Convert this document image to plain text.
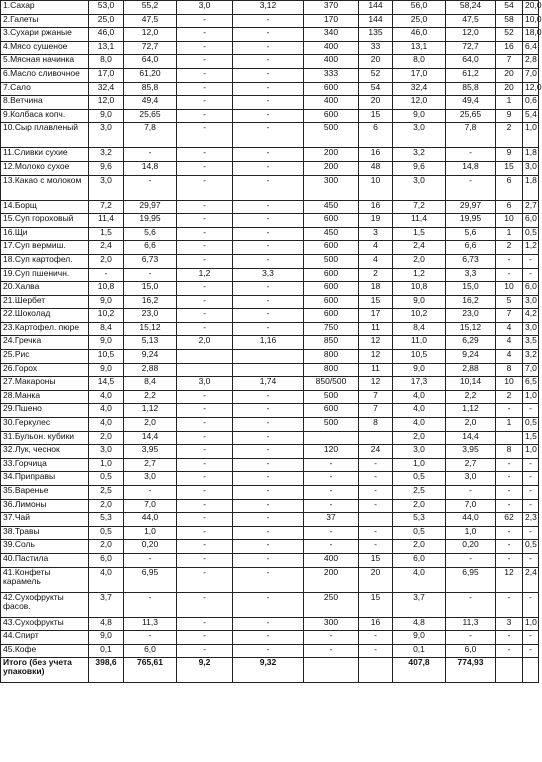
1.Сахар	53,0	55,2	3,0	3,12	370	144	56,0	58,24	54	20,0
2.Галеты	25,0	47,5	-	-	170	144	25,0	47,5	58	10,0
3.Сухари ржаные	46,0	12,0	-	-	340	135	46,0	12,0	52	18,0
4.Мясо сушеное	13,1	72,7	-	-	400	33	13,1	72,7	16	6,4
5.Мясная начинка	8,0	64,0	-	-	400	20	8,0	64,0	7	2,8
6.Масло сливочное	17,0	61,20	-	-	333	52	17,0	61,2	20	7,0
7.Сало	32,4	85,8	-	-	600	54	32,4	85,8	20	12,0
8.Ветчина	12,0	49,4	-	-	400	20	12,0	49,4	1	0,6
9.Колбаса копч.	9,0	25,65	-	-	600	15	9,0	25,65	9	5,4
10.Сыр плавленый	3,0	7,8	-	-	500	6	3,0	7,8	2	1,0
11.Сливки сухие	3,2	-	-	-	200	16	3,2	-	9	1,8
12.Молоко сухое	9,6	14,8	-	-	200	48	9,6	14,8	15	3,0
13.Какао с молоком	3,0	-	-	-	300	10	3,0	-	6	1,8
14.Борщ	7,2	29,97	-	-	450	16	7,2	29,97	6	2,7
15.Суп гороховый	11,4	19,95	-	-	600	19	11,4	19,95	10	6,0
16.Щи	1,5	5,6	-	-	450	3	1,5	5,6	1	0,5
17.Суп вермиш.	2,4	6,6	-	-	600	4	2,4	6,6	2	1,2
18.Суп картофел.	2,0	6,73	-	-	500	4	2,0	6,73	-	-
19.Суп пшеничн.	-	-	1,2	3,3	600	2	1,2	3,3	-	-
20.Халва	10,8	15,0	-	-	600	18	10,8	15,0	10	6,0
21.Шербет	9,0	16,2	-	-	600	15	9,0	16,2	5	3,0
22.Шоколад	10,2	23,0	-	-	600	17	10,2	23,0	7	4,2
23.Картофел. пюре	8,4	15,12	-	-	750	11	8,4	15,12	4	3,0
24.Гречка	9,0	5,13	2,0	1,16	850	12	11,0	6,29	4	3,5
25.Рис	10,5	9,24			800	12	10,5	9,24	4	3,2
26.Горох	9,0	2,88			800	11	9,0	2,88	8	7,0
27.Макароны	14,5	8,4	3,0	1,74	850/500	12	17,3	10,14	10	6,5
28.Манка	4,0	2,2	-	-	500	7	4,0	2,2	2	1,0
29.Пшено	4,0	1,12	-	-	600	7	4,0	1,12	-	-
30.Геркулес	4,0	2,0	-	-	500	8	4,0	2,0	1	0,5
31.Бульон. кубики	2,0	14,4	-	-			2,0	14,4		1,5
32.Лук, чеснок	3,0	3,95	-	-	120	24	3,0	3,95	8	1,0
33.Горчица	1,0	2,7	-	-	-	-	1,0	2,7	-	-
34.Приправы	0,5	3,0	-	-	-	-	0,5	3,0	-	-
35.Варенье	2,5	-	-	-	-	-	2,5	-	-	-
36.Лимоны	2,0	7,0	-	-	-	-	2,0	7,0	-	-
37.Чай	5,3	44,0	-	-	37		5,3	44,0	62	2,3
38.Травы	0,5	1,0	-	-	-	-	0,5	1,0	-	-
39.Соль	2,0	0,20	-	-	-	-	2,0	0,20	-	0,5
40.Пастила	6,0	-	-	-	400	15	6,0	-	-	-
41.Конфеты карамель	4,0	6,95	-	-	200	20	4,0	6,95	12	2,4
42.Сухофрукты фасов.	3,7	-	-	-	250	15	3,7	-	-	-
43.Сухофрукты	4,8	11,3	-	-	300	16	4,8	11,3	3	1,0
44.Спирт	9,0	-	-	-	-	-	9,0	-	-	-
45.Кофе	0,1	6,0	-	-	-	-	0,1	6,0	-	-
Итого (без учета упаковки)	398,6	765,61	9,2	9,32			407,8	774,93		
